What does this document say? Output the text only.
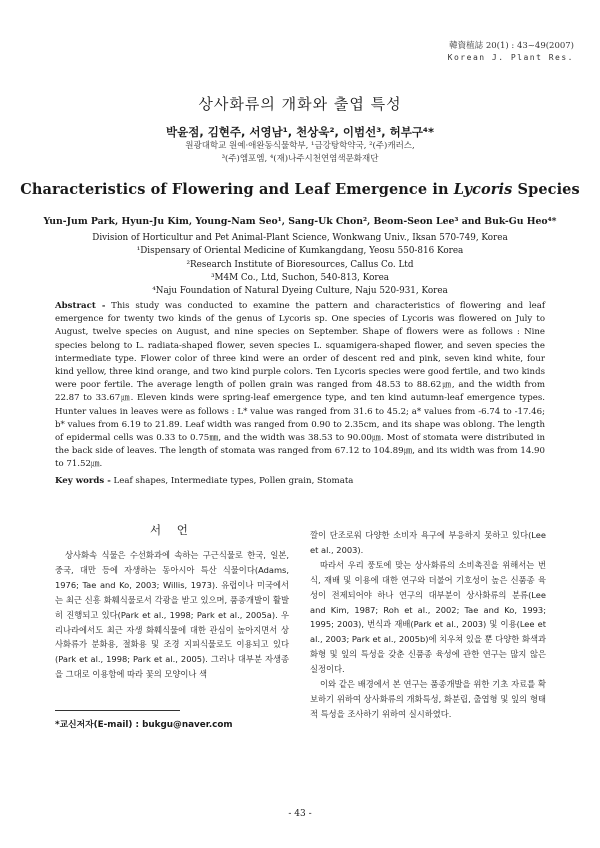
韓資植誌 20(1) : 43~49(2007)
Korean J. Plant Res.
상사화류의 개화와 출엽 특성
박윤점, 김현주, 서영남¹, 천상욱², 이범선³, 허부구⁴*
원광대학교 원예·애완동식물학부, ¹금강탕학약국, ²(주)캐러스,
³(주)엠포엠, ⁴(재)나주시천연염색문화재단
Characteristics of Flowering and Leaf Emergence in Lycoris Species
Yun-Jum Park, Hyun-Ju Kim, Young-Nam Seo¹, Sang-Uk Chon², Beom-Seon Lee³ and Buk-Gu Heo⁴*
Division of Horticultur and Pet Animal-Plant Science, Wonkwang Univ., Iksan 570-749, Korea
¹Dispensary of Oriental Medicine of Kumkangdang, Yeosu 550-816 Korea
²Research Institute of Bioresources, Callus Co. Ltd
³M4M Co., Ltd, Suchon, 540-813, Korea
⁴Naju Foundation of Natural Dyeing Culture, Naju 520-931, Korea
Abstract - This study was conducted to examine the pattern and characteristics of flowering and leaf emergence for twenty two kinds of the genus of Lycoris sp. One species of Lycoris was flowered on July to August, twelve species on August, and nine species on September. Shape of flowers were as follows : Nine species belong to L. radiata-shaped flower, seven species L. squamigera-shaped flower, and seven species the intermediate type. Flower color of three kind were an order of descent red and pink, seven kind white, four kind yellow, three kind orange, and two kind purple colors. Ten Lycoris species were good fertile, and two kinds were poor fertile. The average length of pollen grain was ranged from 48.53 to 88.62㎛, and the width from 22.87 to 33.67㎛. Eleven kinds were spring-leaf emergence type, and ten kind autumn-leaf emergence types. Hunter values in leaves were as follows : L* value was ranged from 31.6 to 45.2; a* values from -6.74 to -17.46; b* values from 6.19 to 21.89. Leaf width was ranged from 0.90 to 2.35cm, and its shape was oblong. The length of epidermal cells was 0.33 to 0.75㎜, and the width was 38.53 to 90.00㎛. Most of stomata were distributed in the back side of leaves. The length of stomata was ranged from 67.12 to 104.89㎛, and its width was from 14.90 to 71.52㎛.
Key words - Leaf shapes, Intermediate types, Pollen grain, Stomata
서 언
상사화속 식물은 수선화과에 속하는 구근식물로 한국, 일본, 중국, 대만 등에 자생하는 동아시아 특산 식물이다(Adams, 1976; Tae and Ko, 2003; Willis, 1973). 유럽이나 미국에서는 최근 신흥 화훼식물로서 각광을 받고 있으며, 품종개발이 활발히 진행되고 있다(Park et al., 1998; Park et al., 2005a). 우리나라에서도 최근 자생 화훼식물에 대한 관심이 높아지면서 상사화류가 분화용, 절화용 및 조경 지피식물로도 이용되고 있다(Park et al., 1998; Park et al., 2005). 그러나 대부분 자생종을 그대로 이용함에 따라 꽃의 모양이나 색

깔이 단조로워 다양한 소비자 욕구에 부응하지 못하고 있다(Lee et al., 2003).

따라서 우리 풍토에 맞는 상사화류의 소비촉진을 위해서는 번식, 재배 및 이용에 대한 연구와 더불어 기호성이 높은 신품종 육성이 전제되어야 하나 연구의 대부분이 상사화류의 분류(Lee and Kim, 1987; Roh et al., 2002; Tae and Ko, 1993; 1995; 2003), 번식과 재배(Park et al., 2003) 및 이용(Lee et al., 2003; Park et al., 2005b)에 치우쳐 있을 뿐 다양한 화색과 화형 및 잎의 특성을 갖춘 신품종 육성에 관한 연구는 많지 않은 실정이다.

이와 같은 배경에서 본 연구는 품종개발을 위한 기초 자료를 확보하기 위하여 상사화류의 개화특성, 화분립, 출엽형 및 잎의 형태적 특성을 조사하기 위하여 실시하였다.

*교신저자(E-mail) : bukgu@naver.com
- 43 -
